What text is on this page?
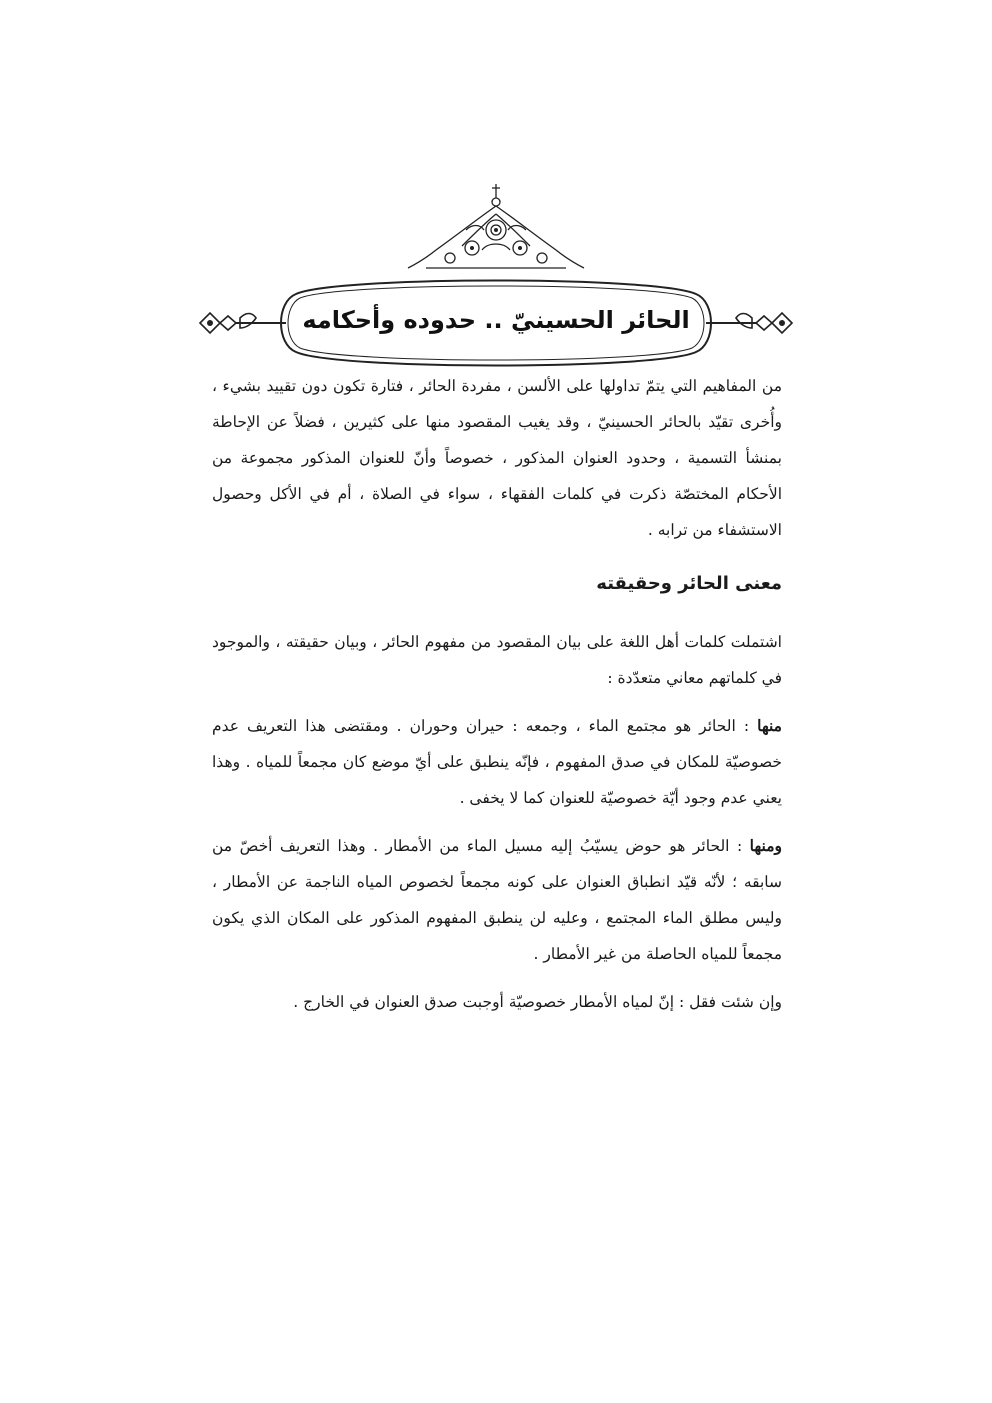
الحائر الحسينيّ .. حدوده وأحكامه

من المفاهيم التي يتمّ تداولها على الألسن ، مفردة الحائر ، فتارة تكون دون تقييد بشيء ، وأُخرى تقيّد بالحائر الحسينيّ ، وقد يغيب المقصود منها على كثيرين ، فضلاً عن الإحاطة بمنشأ التسمية ، وحدود العنوان المذكور ، خصوصاً وأنّ للعنوان المذكور مجموعة من الأحكام المختصّة ذكرت في كلمات الفقهاء ، سواء في الصلاة ، أم في الأكل وحصول الاستشفاء من ترابه .

معنى الحائر وحقيقته

اشتملت كلمات أهل اللغة على بيان المقصود من مفهوم الحائر ، وبيان حقيقته ، والموجود في كلماتهم معاني متعدّدة :

منها : الحائر هو مجتمع الماء ، وجمعه : حيران وحوران . ومقتضى هذا التعريف عدم خصوصيّة للمكان في صدق المفهوم ، فإنّه ينطبق على أيّ موضع كان مجمعاً للمياه . وهذا يعني عدم وجود أيّة خصوصيّة للعنوان كما لا يخفى .

ومنها : الحائر هو حوض يسيّبُ إليه مسيل الماء من الأمطار . وهذا التعريف أخصّ من سابقه ؛ لأنّه قيّد انطباق العنوان على كونه مجمعاً لخصوص المياه الناجمة عن الأمطار ، وليس مطلق الماء المجتمع ، وعليه لن ينطبق المفهوم المذكور على المكان الذي يكون مجمعاً للمياه الحاصلة من غير الأمطار .

وإن شئت فقل : إنّ لمياه الأمطار خصوصيّة أوجبت صدق العنوان في الخارج .
